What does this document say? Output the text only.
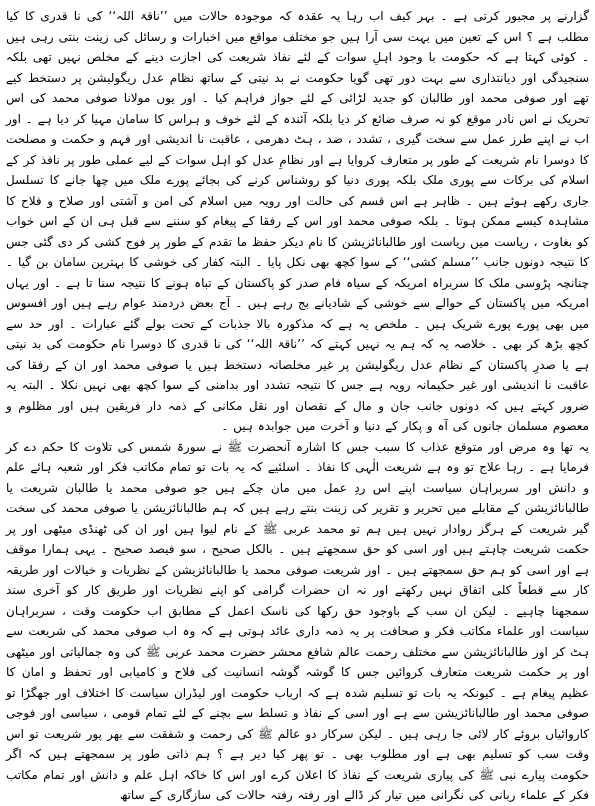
گزارنے پر مجبور کرتی ہے ۔ بہر کیف اب رہا یہ عقدہ کہ موجودہ حالات میں ’’ناقۃ اللہ‘‘ کی نا قدری کا کیا مطلب ہے ؟ اس کے تعین میں بہت سی آرا ہیں جو مختلف مواقع میں اخبارات و رسائل کی زینت بنتی رہی ہیں ۔ کوئی کہتا ہے کہ حکومت با وجود اہلِ سوات کے لئے نفاذ شریعت کی اجازت دینے کے مخلص نہیں تھی بلکہ سنجیدگی اور دیانتداری سے بہت دور تھی گویا حکومت نے بد نیتی کے ساتھ نظام عدل ریگولیشن پر دستخط کیے تھے اور صوفی محمد اور طالبان کو جدید لڑائی کے لئے جواز فراہم کیا ۔ اور یوں مولانا صوفی محمد کی اس تحریک نے اس نادر موقع کو نہ صرف ضائع کر دیا بلکہ آئندہ کے لئے خوف و ہراس کا سامان مہیا کر دیا ہے ۔ اور اب نے اپنے طرز عمل سے سخت گیری ، تشدد ، ضد ، ہٹ دھرمی ، عاقبت نا اندیشی اور فہم و حکمت و مصلحت کا دوسرا نام شریعت کے طور پر متعارف کروایا ہے اور نظامِ عدل کو اہل سوات کے لیے عملی طور پر نافذ کر کے اسلام کی برکات سے پوری ملک بلکہ پوری دنیا کو روشناس کرنے کی بجائے پورے ملک میں چھا جانے کا تسلسل جاری رکھے ہوئے ہیں ۔ ظاہر ہے اس قسم کی حالت اور رویہ میں اسلام کی امن و آشتی اور صلاح و فلاح کا مشاہدہ کیسے ممکن ہوتا ۔ بلکہ صوفی محمد اور اس کے رفقا کے پیغام کو سننے سے قبل ہی ان کے اس خواب کو بغاوت ، ریاست میں ریاست اور طالبانائزیشن کا نام دیکر حفظ ما تقدم کے طور پر فوج کشی کر دی گئی جس کا نتیجہ دونوں جانب ’’مسلم کشی‘‘ کے سوا کچھ بھی نکل پایا ۔ البتہ کفار کی خوشی کا بہترین سامان بن گیا ۔ چنانچہ پڑوسی ملک کا سربراہ امریکہ کے سیاہ فام صدر کو پاکستان کے تباہ ہونے کا نتیجہ سنا تا ہے ۔ اور یہاں امریکہ میں پاکستان کے حوالے سے خوشی کے شادیانے بج رہے ہیں ۔ آج بعض دردمند عوام رہے ہیں اور افسوس میں بھی پورے پورے شریک ہیں ۔ ملخص یہ ہے کہ مذکورہ بالا جذبات کے تحت بولے گئے عبارات ۔ اور حد سے کچھ بڑھ کر بھی ۔ خلاصہ یہ کہ ہم یہ نہیں کہتے کہ ’’ناقۃ اللہ‘‘ کی نا قدری کا دوسرا نام حکومت کی بد نیتی ہے یا صدرِ پاکستان کے نظام عدل ریگولیشن پر غیر مخلصانہ دستخط ہیں یا صوفی محمد اور ان کے رفقا کی عاقبت نا اندیشی اور غیر حکیمانہ رویہ ہے جس کا نتیجہ تشدد اور بدامنی کے سوا کچھ بھی نہیں نکلا ۔ البتہ یہ ضرور کہتے ہیں کہ دونوں جانب جان و مال کے نقصان اور نقل مکانی کے ذمہ دار فریقین ہیں اور مظلوم و معصوم مسلمان جانوں کی آہ و پکار کے دنیا و آخرت میں جوابدہ ہیں ۔

یہ تھا وہ مرض اور متوقع عذاب کا سبب جس کا اشارہ آنحضرت ﷺ نے سورۃ شمس کی تلاوت کا حکم دے کر فرمایا ہے ۔ رہا علاج تو وہ ہے شریعت الٰہی کا نفاذ ۔ اسلئیے کہ یہ بات تو تمام مکاتب فکر اور شعبہ ہائے علم و دانش اور سربراہان سیاست اپنے اس ردِ عمل میں مان چکے ہیں جو صوفی محمد یا طالبان شریعت یا طالبانائزیشن کے مقابلے میں تحریر و تقریر کی زینت بنتے رہے ہیں کہ ہم طالبانائزیشن یا صوفی محمد کی سخت گیر شریعت کے ہرگز روادار نہیں ہیں ہم تو محمد عربی ﷺ کے نام لیوا ہیں اور ان کی ٹھنڈی میٹھی اور پر حکمت شریعت چاہتے ہیں اور اسی کو حق سمجھتے ہیں ۔ بالکل صحیح ، سو فیصد صحیح ۔ یہی ہمارا موقف ہے اور اسی کو ہم حق سمجھتے ہیں ۔ اور شریعت صوفی محمد یا طالبانائزیشن کے نظریات و خیالات اور طریقہ کار سے قطعاً کلی اتفاق نہیں رکھتے اور نہ ان حضرات گرامی کو اپنے نظریات اور طریق کار کو آخری سند سمجھنا چاہیے ۔ لیکن ان سب کے باوجود حق رکھا کی ناسک اعمل کے مطابق اب حکومت وقت ، سربراہان سیاست اور علماء مکاتب فکر و صحافت پر یہ ذمہ داری عائد ہوتی ہے کہ وہ اب صوفی محمد کی شریعت سے ہٹ کر اور طالبانائزیشن سے مختلف رحمت عالم شافع محشر حضرت محمد عربی ﷺ کی وہ جمالیاتی اور میٹھی اور پر حکمت شریعت متعارف کروائیں جس کا گوشہ گوشہ انسانیت کی فلاح و کامیابی اور تحفظ و امان کا عظیم پیغام ہے ۔ کیونکہ یہ بات تو تسلیم شدہ ہے کہ ارباب حکومت اور لیڈران سیاست کا اختلاف اور جھگڑا تو صوفی محمد اور طالبانائزیشن سے ہے اور اسی کے نفاذ و تسلط سے بچنے کے لئے تمام قومی ، سیاسی اور فوجی کاروائیاں بروئے کار لائی جا رہی ہیں ۔ لیکن سرکار دو عالم ﷺ کی رحمت و شفقت سے بھر پور شریعت تو اس وقت سب کو تسلیم بھی ہے اور مطلوب بھی ۔ تو پھر کیا دیر ہے ؟ ہم ذاتی طور پر سمجھتے ہیں کہ اگر حکومت پیارے نبی ﷺ کی پیاری شریعت کے نفاذ کا اعلان کرے اور اس کا خاکہ اہل علم و دانش اور تمام مکاتب فکر کے علماء ربانی کی نگرانی میں تیار کر ڈالے اور رفتہ رفتہ حالات کی سازگاری کے ساتھ
